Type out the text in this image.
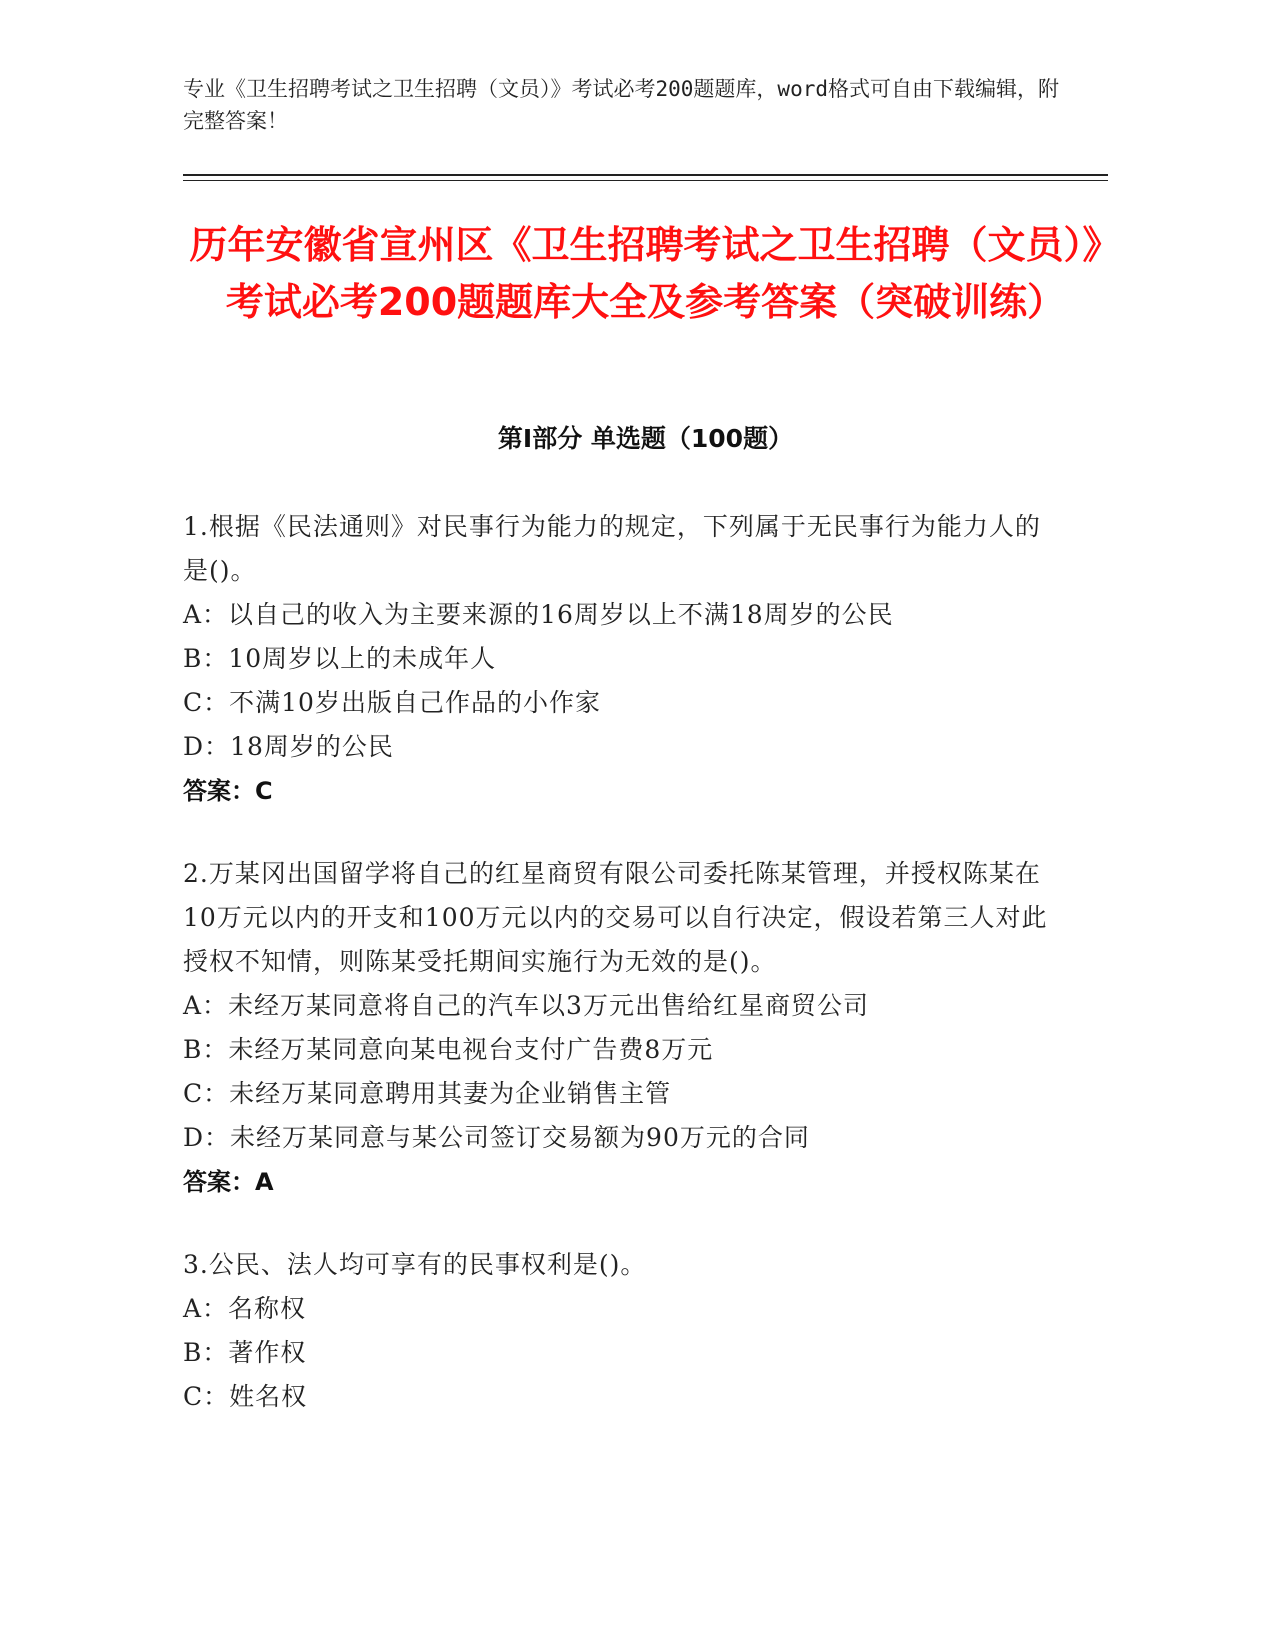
专业《卫生招聘考试之卫生招聘（文员）》考试必考200题题库，word格式可自由下载编辑，附完整答案！
历年安徽省宣州区《卫生招聘考试之卫生招聘（文员）》考试必考200题题库大全及参考答案（突破训练）
第I部分 单选题（100题）
1.根据《民法通则》对民事行为能力的规定，下列属于无民事行为能力人的是()。
A：以自己的收入为主要来源的16周岁以上不满18周岁的公民
B：10周岁以上的未成年人
C：不满10岁出版自己作品的小作家
D：18周岁的公民
答案：C
2.万某冈出国留学将自己的红星商贸有限公司委托陈某管理，并授权陈某在10万元以内的开支和100万元以内的交易可以自行决定，假设若第三人对此授权不知情，则陈某受托期间实施行为无效的是()。
A：未经万某同意将自己的汽车以3万元出售给红星商贸公司
B：未经万某同意向某电视台支付广告费8万元
C：未经万某同意聘用其妻为企业销售主管
D：未经万某同意与某公司签订交易额为90万元的合同
答案：A
3.公民、法人均可享有的民事权利是()。
A：名称权
B：著作权
C：姓名权
